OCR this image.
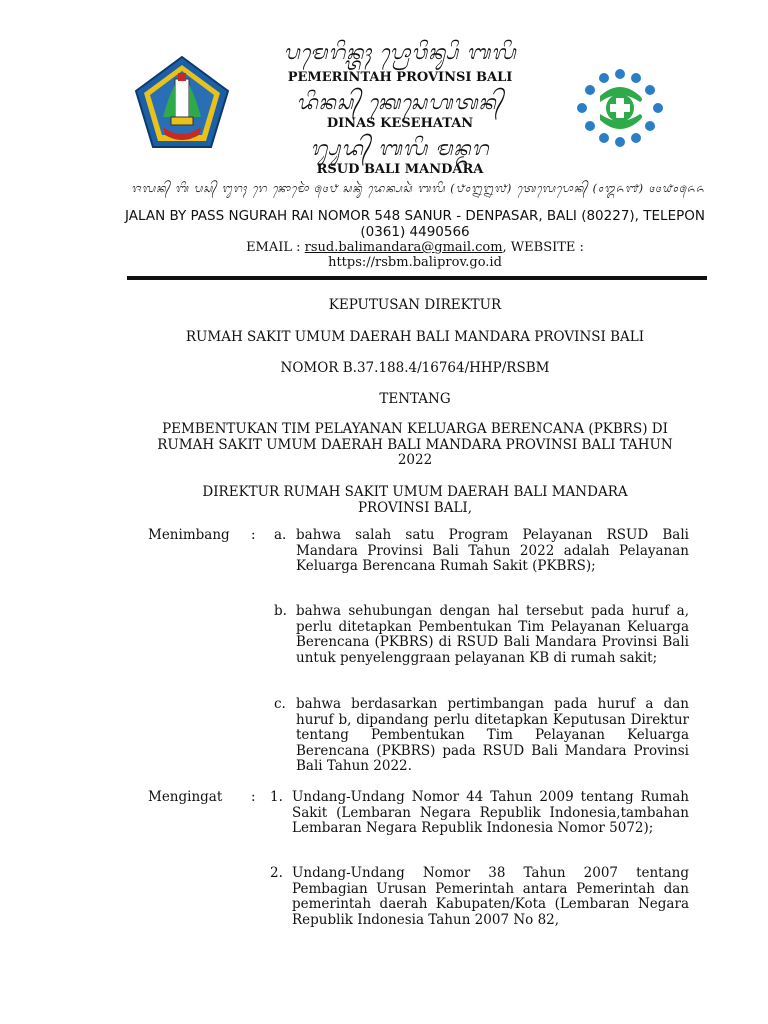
ᬧᬫᬾᬭᬶᬦ᭄ᬢᬄ ᬧ᭄ᬭᭀᬯᬶᬦ᭄ᬲᬶ ᬩᬮᬶ
PEMERINTAH PROVINSI BALI
ᬤᬶᬦᬲ᭄ ᬓᬾᬲᬾᬳᬢᬦ᭄
DINAS KESEHATAN
ᬭ᭄ᬲᬸᬤ᭄ ᬩᬮᬶ ᬫᬦ᭄ᬤᬭ
RSUD BALI MANDARA
ᬚᬮᬦ᭄ ᬩᬶ ᬧᬲ᭄ ᬗᬸᬭᬄ ᬭᬾ ᬦᭀᬫᭀᬃ ᭕᭔᭘ ᬲᬦᬸᬃ ᬤᬾᬦ᭄ᬧᬲᬃ ᬩᬮᬶ (᭘᭐᭒᭒᭗) ᬢᬾᬮᬾᬧᭀᬦ᭄ (᭐᭓᭖᭑) ᭔᭔᭙᭐᭕᭖᭖
JALAN BY PASS NGURAH RAI NOMOR 548 SANUR - DENPASAR, BALI (80227), TELEPON
(0361) 4490566
EMAIL : rsud.balimandara@gmail.com, WEBSITE :
https://rsbm.baliprov.go.id
KEPUTUSAN DIREKTUR
RUMAH SAKIT UMUM DAERAH BALI MANDARA PROVINSI BALI
NOMOR B.37.188.4/16764/HHP/RSBM
TENTANG
PEMBENTUKAN TIM PELAYANAN KELUARGA BERENCANA (PKBRS) DI
RUMAH SAKIT UMUM DAERAH BALI MANDARA PROVINSI BALI TAHUN
2022
DIREKTUR RUMAH SAKIT UMUM DAERAH BALI MANDARA
PROVINSI BALI,
Menimbang : a. bahwa salah satu Program Pelayanan RSUD Bali Mandara Provinsi Bali Tahun 2022 adalah Pelayanan Keluarga Berencana Rumah Sakit (PKBRS);
b. bahwa sehubungan dengan hal tersebut pada huruf a, perlu ditetapkan Pembentukan Tim Pelayanan Keluarga Berencana (PKBRS) di RSUD Bali Mandara Provinsi Bali untuk penyelenggraan pelayanan KB di rumah sakit;
c. bahwa berdasarkan pertimbangan pada huruf a dan huruf b, dipandang perlu ditetapkan Keputusan Direktur tentang Pembentukan Tim Pelayanan Keluarga Berencana (PKBRS) pada RSUD Bali Mandara Provinsi Bali Tahun 2022.
Mengingat : 1. Undang-Undang Nomor 44 Tahun 2009 tentang Rumah Sakit (Lembaran Negara Republik Indonesia,tambahan Lembaran Negara Republik Indonesia Nomor 5072);
2. Undang-Undang Nomor 38 Tahun 2007 tentang Pembagian Urusan Pemerintah antara Pemerintah dan pemerintah daerah Kabupaten/Kota (Lembaran Negara Republik Indonesia Tahun 2007 No 82,
